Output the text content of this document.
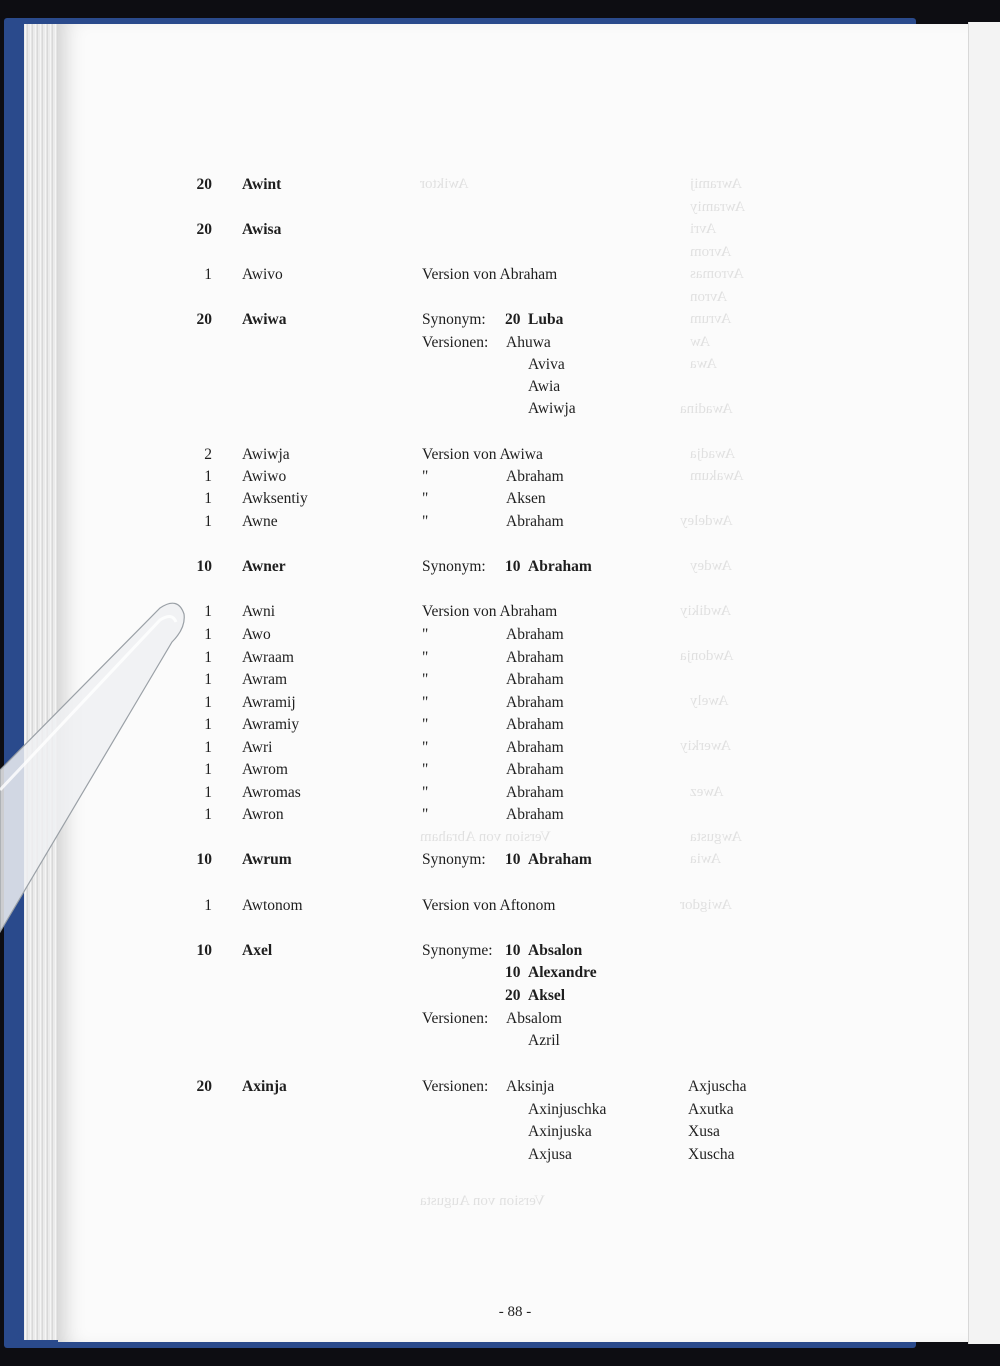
20 Awint
20 Awisa
1 Awivo	Version von Abraham
20 Awiwa	Synonym: 20 Luba
Versionen: Ahuwa
Aviva
Awia
Awiwja
2 Awiwja	Version von Awiwa
1 Awiwo	"	Abraham
1 Awksentiy	"	Aksen
1 Awne	"	Abraham
10 Awner	Synonym: 10 Abraham
1 Awni	Version von Abraham
1 Awo	"	Abraham
1 Awraam	"	Abraham
1 Awram	"	Abraham
1 Awramij	"	Abraham
1 Awramiy	"	Abraham
1 Awri	"	Abraham
1 Awrom	"	Abraham
1 Awromas	"	Abraham
1 Awron	"	Abraham
10 Awrum	Synonym: 10 Abraham
1 Awtonom	Version von Aftonom
10 Axel	Synonyme: 10 Absalon
10 Alexandre
20 Aksel
Versionen: Absalom
Azril
20 Axinja	Versionen: Aksinja	Axjuscha
Axinjuschka	Axutka
Axinjuska	Xusa
Axjusa	Xuscha
- 88 -
